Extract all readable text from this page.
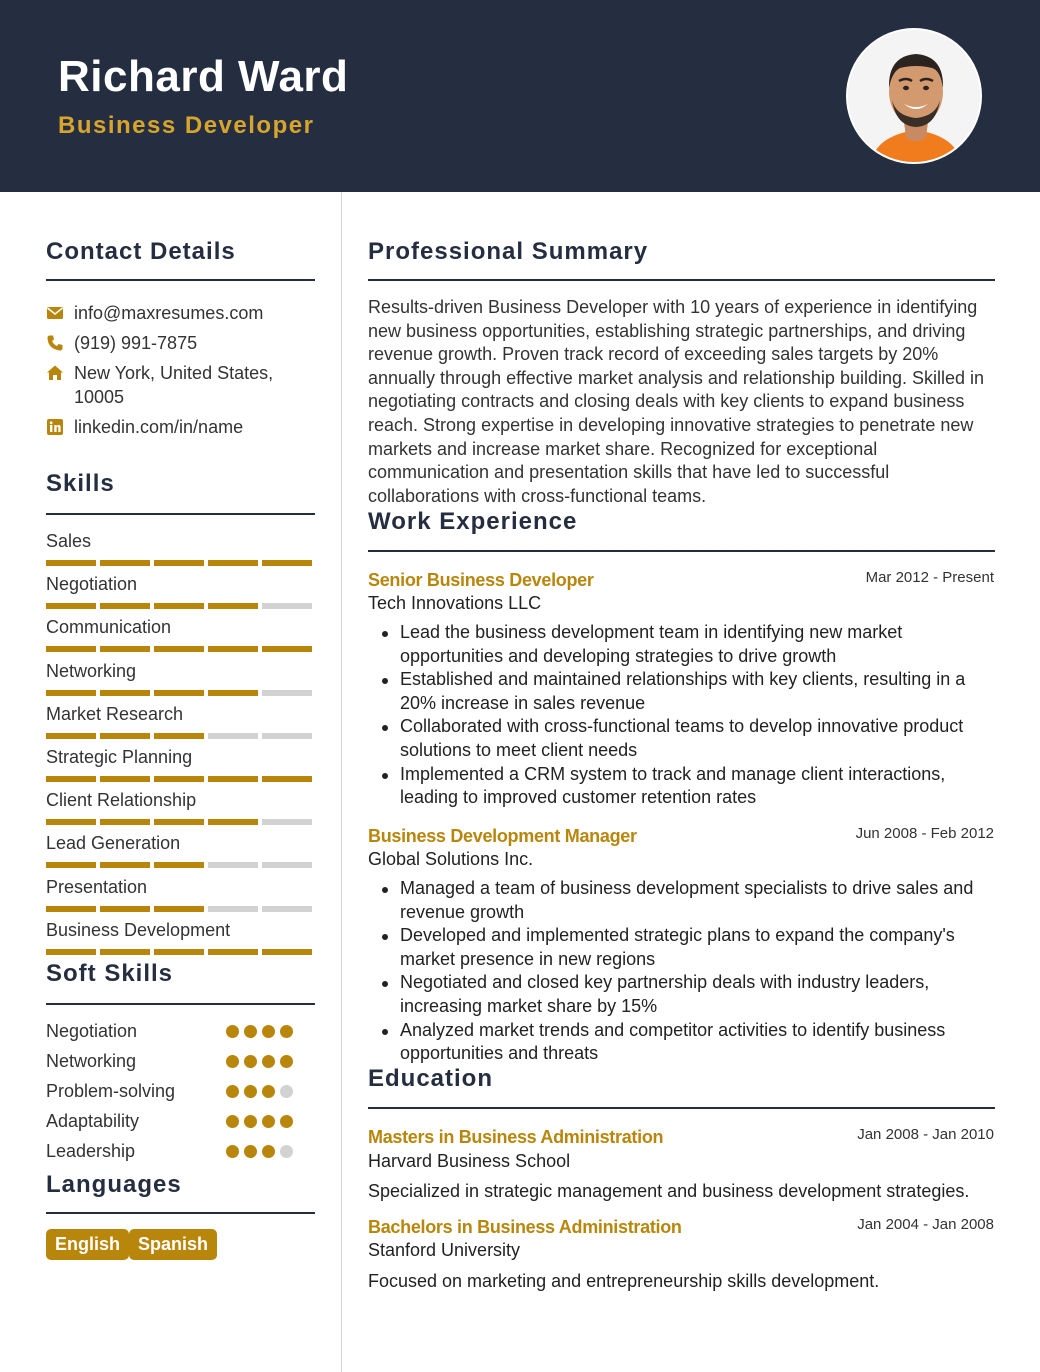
Richard Ward
Business Developer
Contact Details
info@maxresumes.com
(919) 991-7875
New York, United States,
10005
linkedin.com/in/name
Skills
Sales
Negotiation
Communication
Networking
Market Research
Strategic Planning
Client Relationship
Lead Generation
Presentation
Business Development
Soft Skills
Negotiation
Networking
Problem-solving
Adaptability
Leadership
Languages
English Spanish
Professional Summary
Results-driven Business Developer with 10 years of experience in identifying new business opportunities, establishing strategic partnerships, and driving revenue growth. Proven track record of exceeding sales targets by 20% annually through effective market analysis and relationship building. Skilled in negotiating contracts and closing deals with key clients to expand business reach. Strong expertise in developing innovative strategies to penetrate new markets and increase market share. Recognized for exceptional communication and presentation skills that have led to successful collaborations with cross-functional teams.
Work Experience
Senior Business Developer	Mar 2012 - Present
Tech Innovations LLC
Lead the business development team in identifying new market opportunities and developing strategies to drive growth
Established and maintained relationships with key clients, resulting in a 20% increase in sales revenue
Collaborated with cross-functional teams to develop innovative product solutions to meet client needs
Implemented a CRM system to track and manage client interactions, leading to improved customer retention rates
Business Development Manager	Jun 2008 - Feb 2012
Global Solutions Inc.
Managed a team of business development specialists to drive sales and revenue growth
Developed and implemented strategic plans to expand the company's market presence in new regions
Negotiated and closed key partnership deals with industry leaders, increasing market share by 15%
Analyzed market trends and competitor activities to identify business opportunities and threats
Education
Masters in Business Administration	Jan 2008 - Jan 2010
Harvard Business School
Specialized in strategic management and business development strategies.
Bachelors in Business Administration	Jan 2004 - Jan 2008
Stanford University
Focused on marketing and entrepreneurship skills development.
